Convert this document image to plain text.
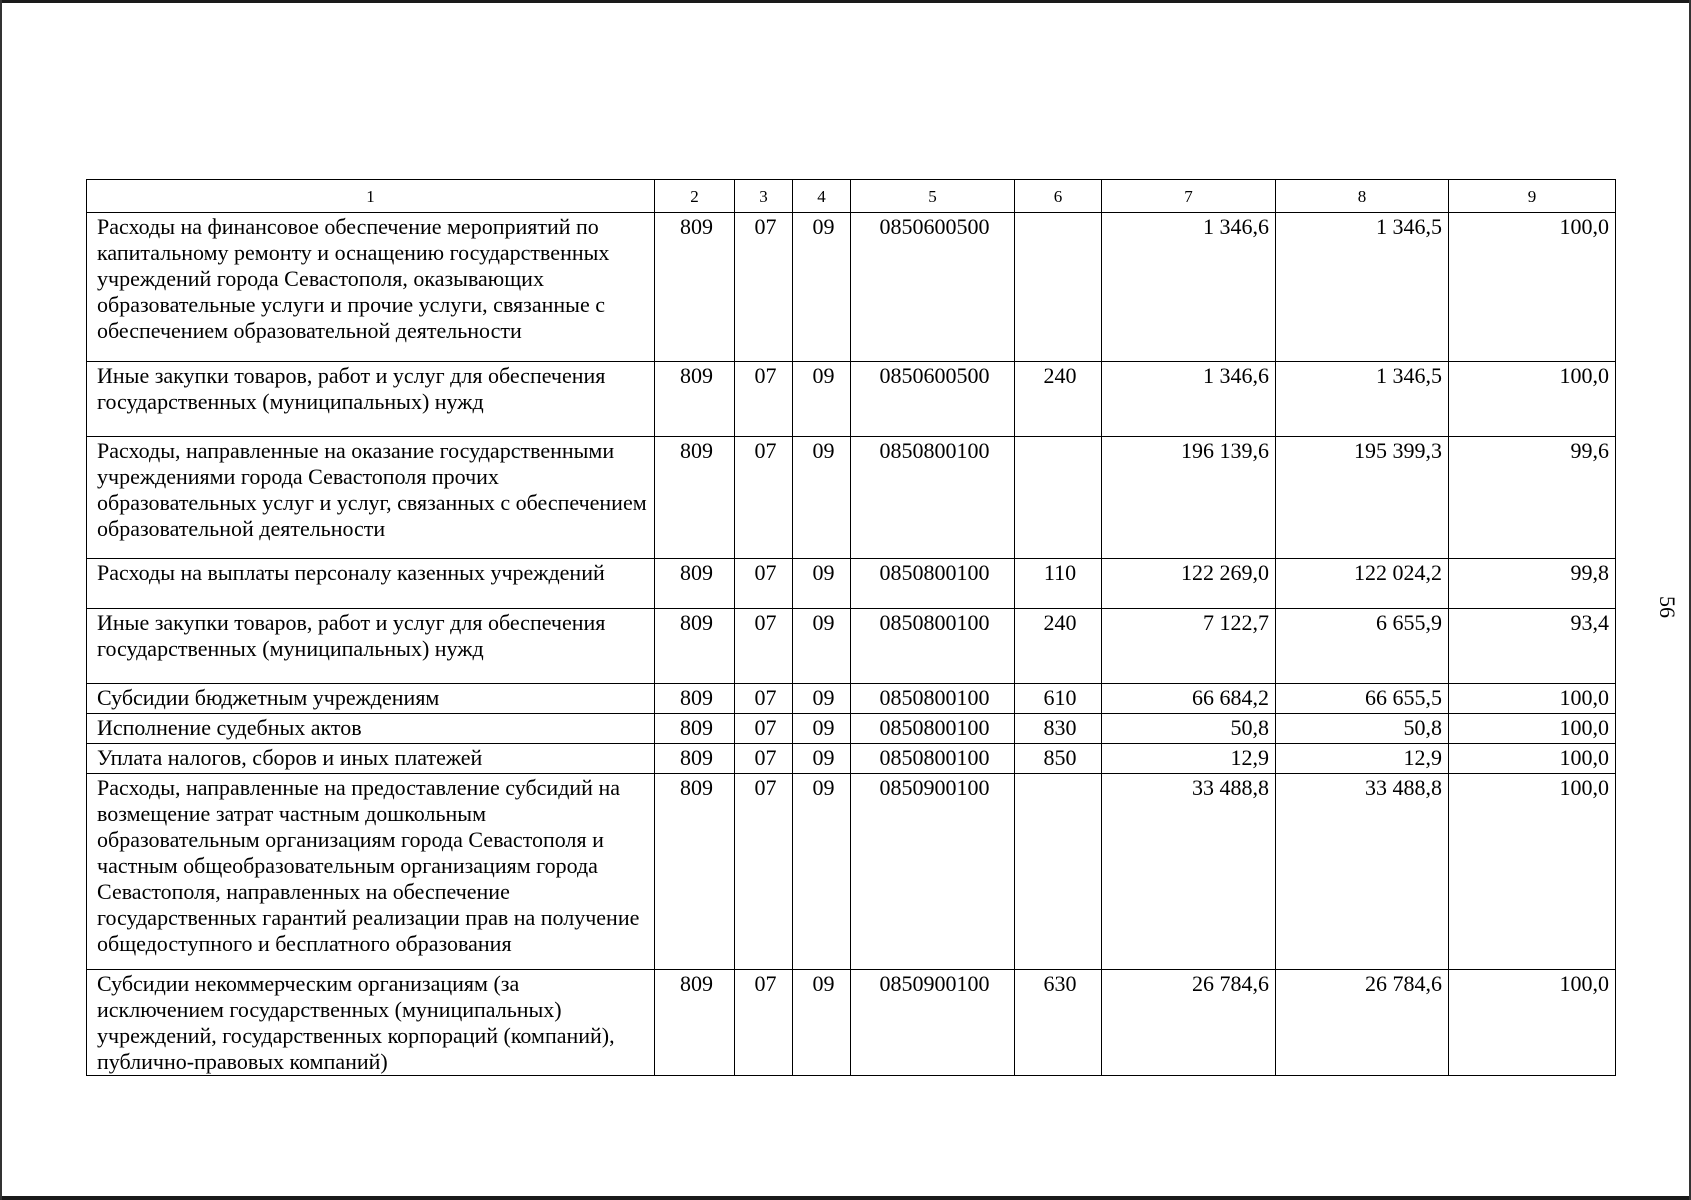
56
1	2	3	4	5	6	7	8	9
Расходы на финансовое обеспечение мероприятий по капитальному ремонту и оснащению государственных учреждений города Севастополя, оказывающих образовательные услуги и прочие услуги, связанные с обеспечением образовательной деятельности	809	07	09	0850600500		1 346,6	1 346,5	100,0
Иные закупки товаров, работ и услуг для обеспечения государственных (муниципальных) нужд	809	07	09	0850600500	240	1 346,6	1 346,5	100,0
Расходы, направленные на оказание государственными учреждениями города Севастополя прочих образовательных услуг и услуг, связанных с обеспечением образовательной деятельности	809	07	09	0850800100		196 139,6	195 399,3	99,6
Расходы на выплаты персоналу казенных учреждений	809	07	09	0850800100	110	122 269,0	122 024,2	99,8
Иные закупки товаров, работ и услуг для обеспечения государственных (муниципальных) нужд	809	07	09	0850800100	240	7 122,7	6 655,9	93,4
Субсидии бюджетным учреждениям	809	07	09	0850800100	610	66 684,2	66 655,5	100,0
Исполнение судебных актов	809	07	09	0850800100	830	50,8	50,8	100,0
Уплата налогов, сборов и иных платежей	809	07	09	0850800100	850	12,9	12,9	100,0
Расходы, направленные на предоставление субсидий на возмещение затрат частным дошкольным образовательным организациям города Севастополя и частным общеобразовательным организациям города Севастополя, направленных на обеспечение государственных гарантий реализации прав на получение общедоступного и бесплатного образования	809	07	09	0850900100		33 488,8	33 488,8	100,0
Субсидии некоммерческим организациям (за исключением государственных (муниципальных) учреждений, государственных корпораций (компаний), публично-правовых компаний)	809	07	09	0850900100	630	26 784,6	26 784,6	100,0
